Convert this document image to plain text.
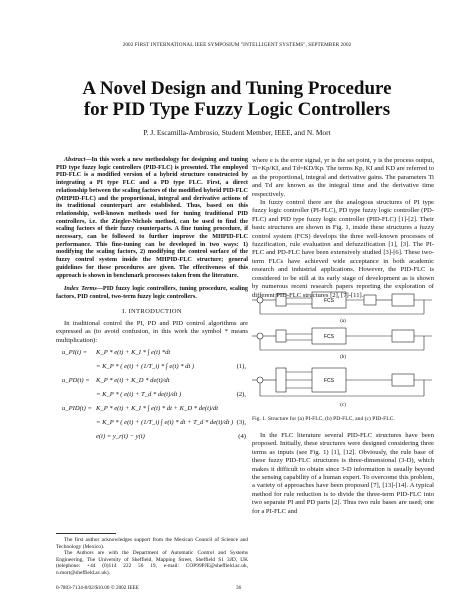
2002 FIRST INTERNATIONAL IEEE SYMPOSIUM "INTELLIGENT SYSTEMS", SEPTEMBER 2002
A Novel Design and Tuning Procedure
for PID Type Fuzzy Logic Controllers
P. J. Escamilla-Ambrosio, Student Member, IEEE, and N. Mort

Abstract—In this work a new methodology for designing and tuning PID type fuzzy logic controllers (PID-FLC) is presented. The employed PID-FLC is a modified version of a hybrid structure constructed by integrating a PI type FLC and a PD type FLC. First, a direct relationship between the scaling factors of the modified hybrid PID-FLC (MHPID-FLC) and the proportional, integral and derivative actions of its traditional counterpart are established. Thus, based on this relationship, well-known methods used for tuning traditional PID controllers, i.e. the Ziegler-Nichols method, can be used to find the scaling factors of their fuzzy counterparts. A fine tuning procedure, if necessary, can be followed to further improve the MHPID-FLC performance. This fine-tuning can be developed in two ways: 1) modifying the scaling factors, 2) modifying the control surface of the fuzzy control system inside the MHPID-FLC structure; general guidelines for these procedures are given. The effectiveness of this approach is shown in benchmark processes taken from the literature.

Index Terms—PID fuzzy logic controllers, tuning procedure, scaling factors, PID control, two-term fuzzy logic controllers.

I. INTRODUCTION

In traditional control the PI, PD and PID control algorithms are expressed as (to avoid confusion, in this work the symbol * means multiplication):

u_PI(t) = K_P * e(t) + K_I * ∫ e(t) *dt
= K_P * ( e(t) + (1/T_i) * ∫ e(t) * dt )	(1),
u_PD(t) = K_P * e(t) + K_D * de(t)/dt
= K_P * ( e(t) + T_d * de(t)/dt )	(2),
u_PID(t) = K_P * e(t) + K_I * ∫ e(t) * dt + K_D * de(t)/dt
= K_P * ( e(t) + (1/T_i) ∫ e(t) * dt + T_d * de(t)/dt ) (3),
e(t) = y_r(t) − y(t)	(4)

The first author acknowledges support from the Mexican Council of Science and Technology (Mexico).

The Authors are with the Department of Automatic Control and Systems Engineering, The University of Sheffield, Mapping Street, Sheffield S1 3JD, UK (telephone: +44 (0)114 222 56 19, e-mail: COP99PJE@sheffield.ac.uk, n.mort@sheffield.ac.uk).

0-7803-7134-8/02/$10.00 © 2002 IEEE	36

where e is the error signal, yr is the set point, y is the process output, Ti=Kp/KI, and Td=KD/Kp. The terms Kp, KI and KD are referred to as the proportional, integral and derivative gains. The parameters Ti and Td are known as the integral time and the derivative time respectively.

In fuzzy control there are the analogous structures of PI type fuzzy logic controller (PI-FLC), PD type fuzzy logic controller (PD-FLC) and PID type fuzzy logic controller (PID-FLC) [1]-[2]. Their basic structures are shown in Fig. 1, inside these structures a fuzzy control system (FCS) develops the three well-known processes of fuzzification, rule evaluation and defuzzification [1], [3]. The PI-FLC and PD-FLC have been extensively studied [3]-[6]. These two-term FLCs have achieved wide acceptance in both academic research and industrial applications. However, the PID-FLC is considered to be still at its early stage of development as is shown by numerous recent research papers reporting the exploration of different PID-FLC structures [2], [7]-[11].

FCS
(a)
FCS
(b)
FCS
(c)
Fig. 1. Structure for (a) PI-FLC, (b) PD-FLC, and (c) PID-FLC.

In the FLC literature several PID-FLC structures have been proposed. Initially, these structures were designed considering three terms as inputs (see Fig. 1) [1], [12]. Obviously, the rule base of these fuzzy PID-FLC structures is three-dimensional (3-D), which makes it difficult to obtain since 3-D information is usually beyond the sensing capability of a human expert. To overcome this problem, a variety of approaches have been proposed [7], [13]-[14]. A typical method for rule reduction is to divide the three-term PID-FLC into two separate PI and PD parts [2]. Thus two rule bases are used; one for a PI-FLC and
